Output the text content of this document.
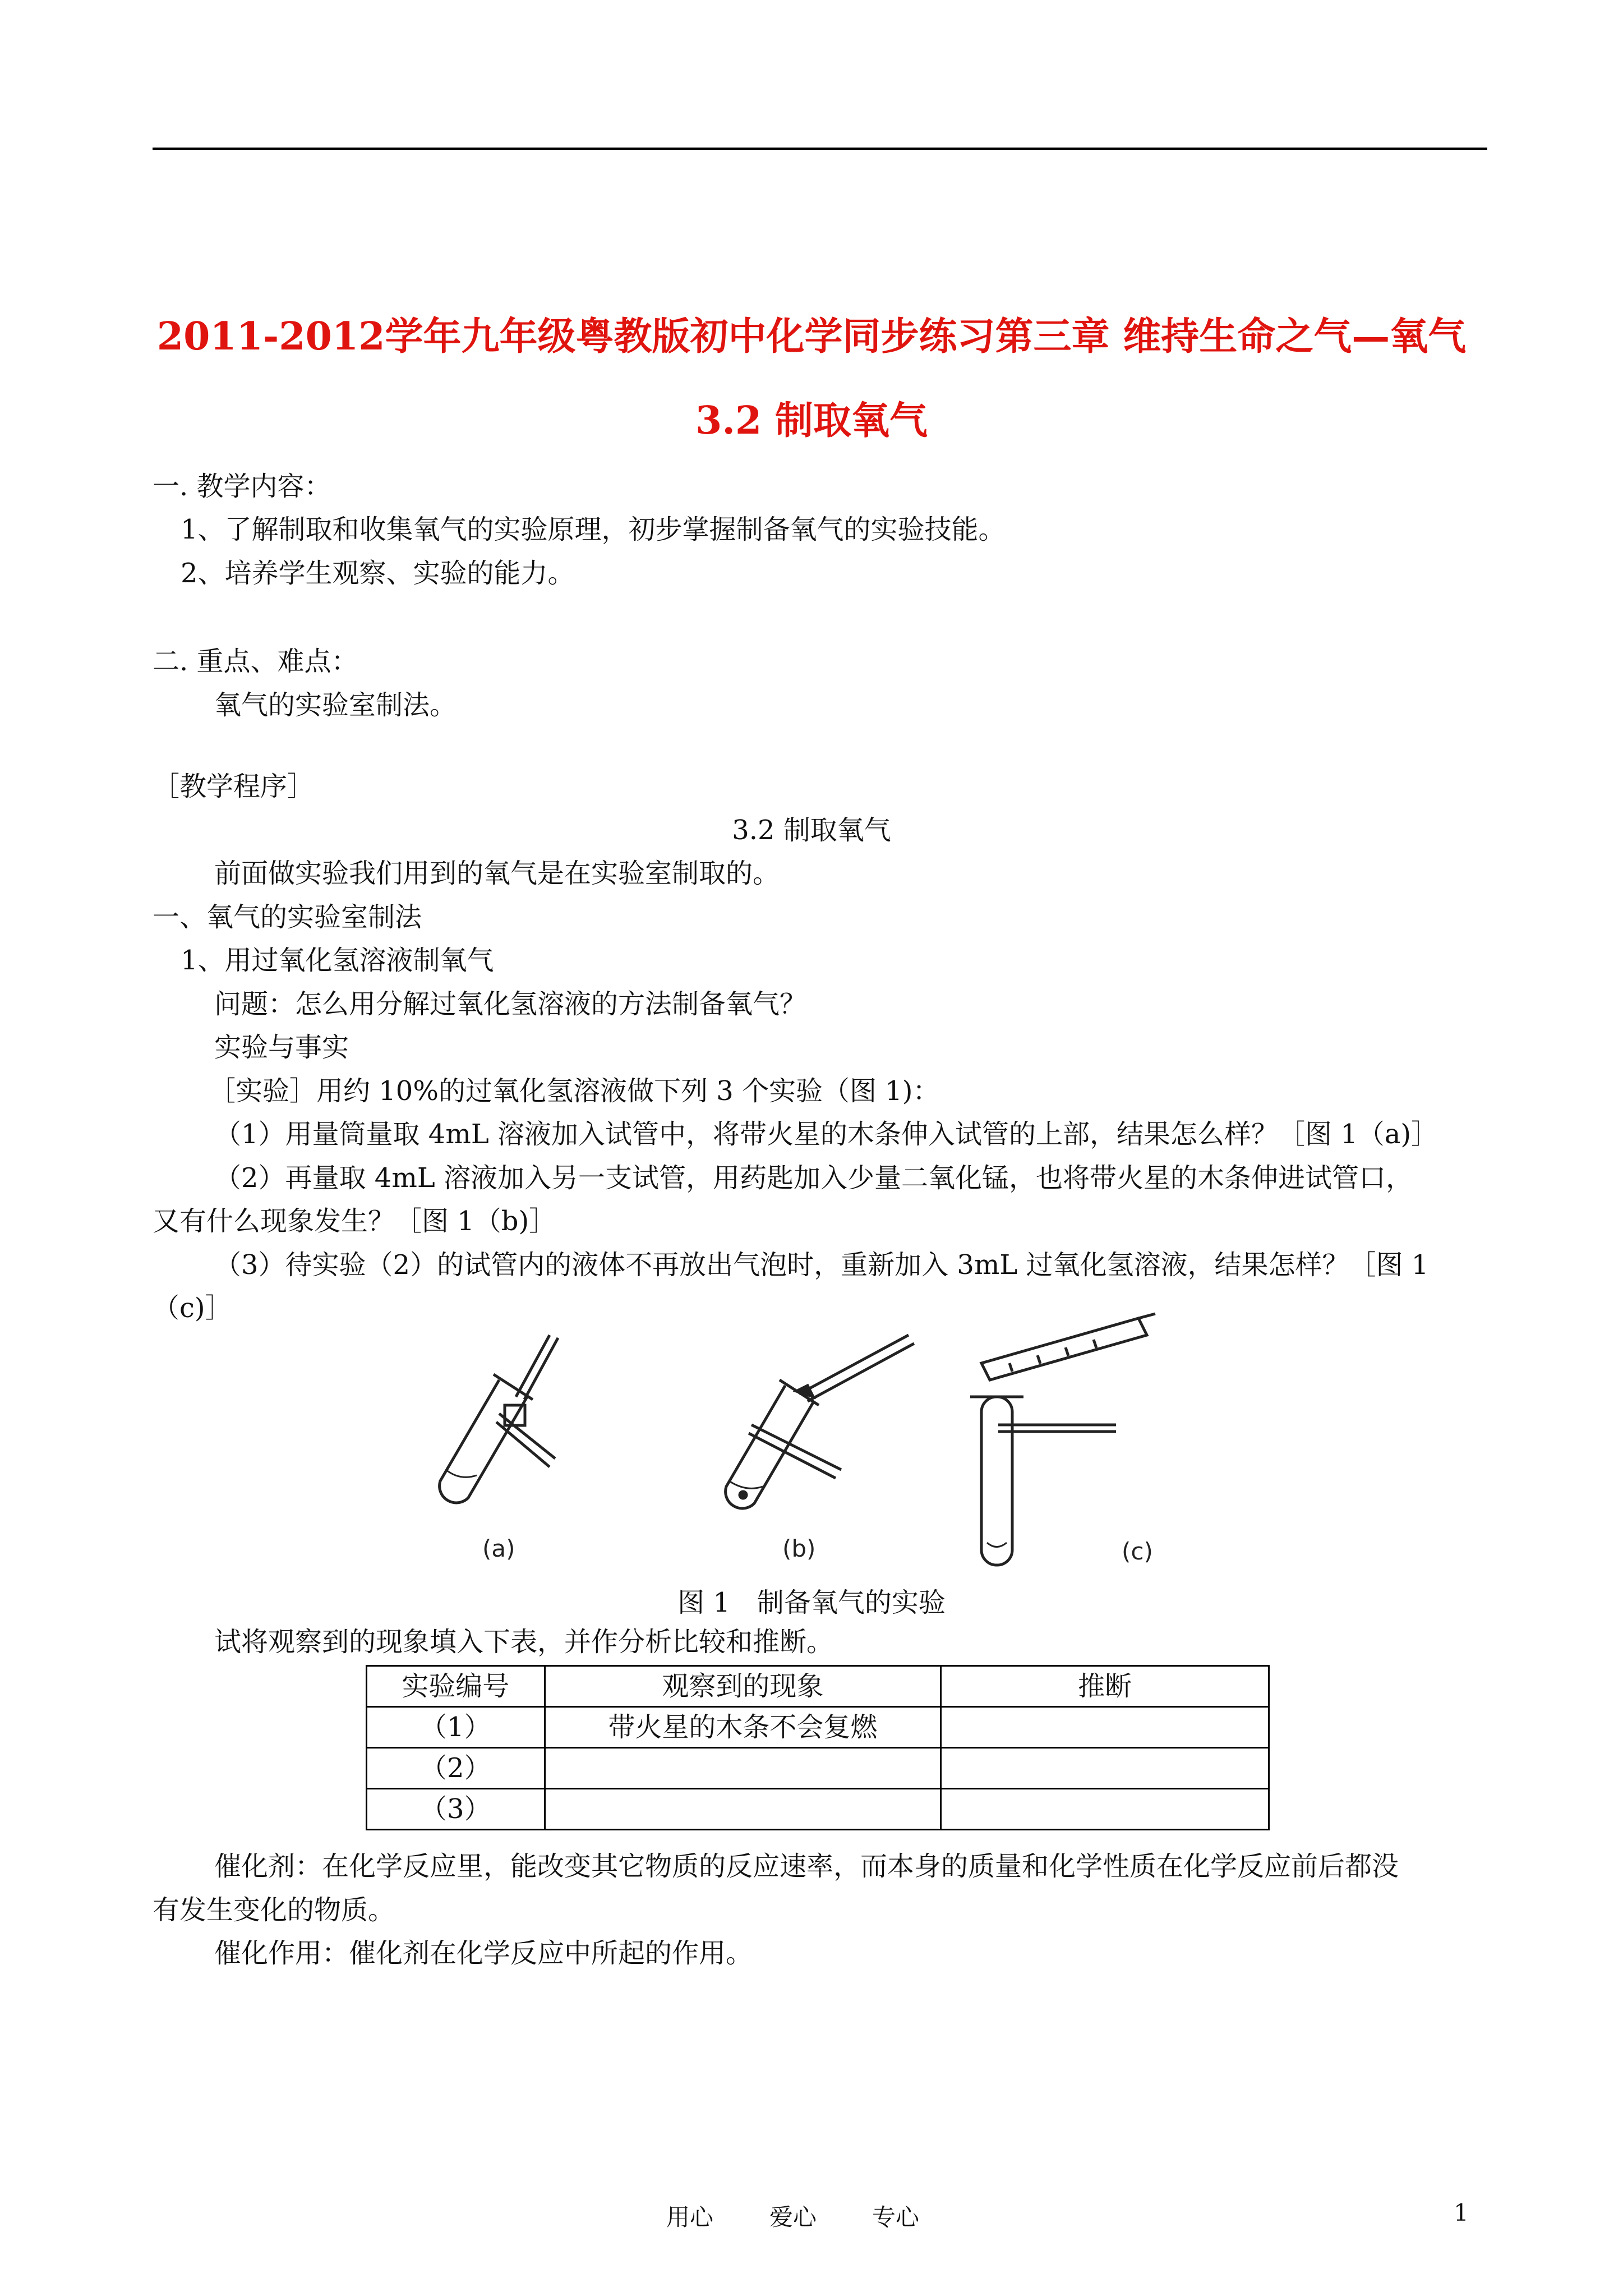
2011-2012学年九年级粤教版初中化学同步练习第三章 维持生命之气—氧气
3.2 制取氧气
一. 教学内容：
1、了解制取和收集氧气的实验原理，初步掌握制备氧气的实验技能。
2、培养学生观察、实验的能力。
二. 重点、难点：
氧气的实验室制法。
［教学程序］
3.2 制取氧气
前面做实验我们用到的氧气是在实验室制取的。
一、氧气的实验室制法
1、用过氧化氢溶液制氧气
问题：怎么用分解过氧化氢溶液的方法制备氧气？
实验与事实
［实验］用约 10%的过氧化氢溶液做下列 3 个实验（图 1)：
（1）用量筒量取 4mL 溶液加入试管中，将带火星的木条伸入试管的上部，结果怎么样？［图 1（a)］
（2）再量取 4mL 溶液加入另一支试管，用药匙加入少量二氧化锰，也将带火星的木条伸进试管口，
又有什么现象发生？［图 1（b)］
（3）待实验（2）的试管内的液体不再放出气泡时，重新加入 3mL 过氧化氢溶液，结果怎样？［图 1
（c)］
(a)	(b)	(c)
图 1　制备氧气的实验
试将观察到的现象填入下表，并作分析比较和推断。
实验编号	观察到的现象	推断
（1）	带火星的木条不会复燃	
（2）		
（3）		
催化剂：在化学反应里，能改变其它物质的反应速率，而本身的质量和化学性质在化学反应前后都没
有发生变化的物质。
催化作用：催化剂在化学反应中所起的作用。
用心 爱心 专心	1
